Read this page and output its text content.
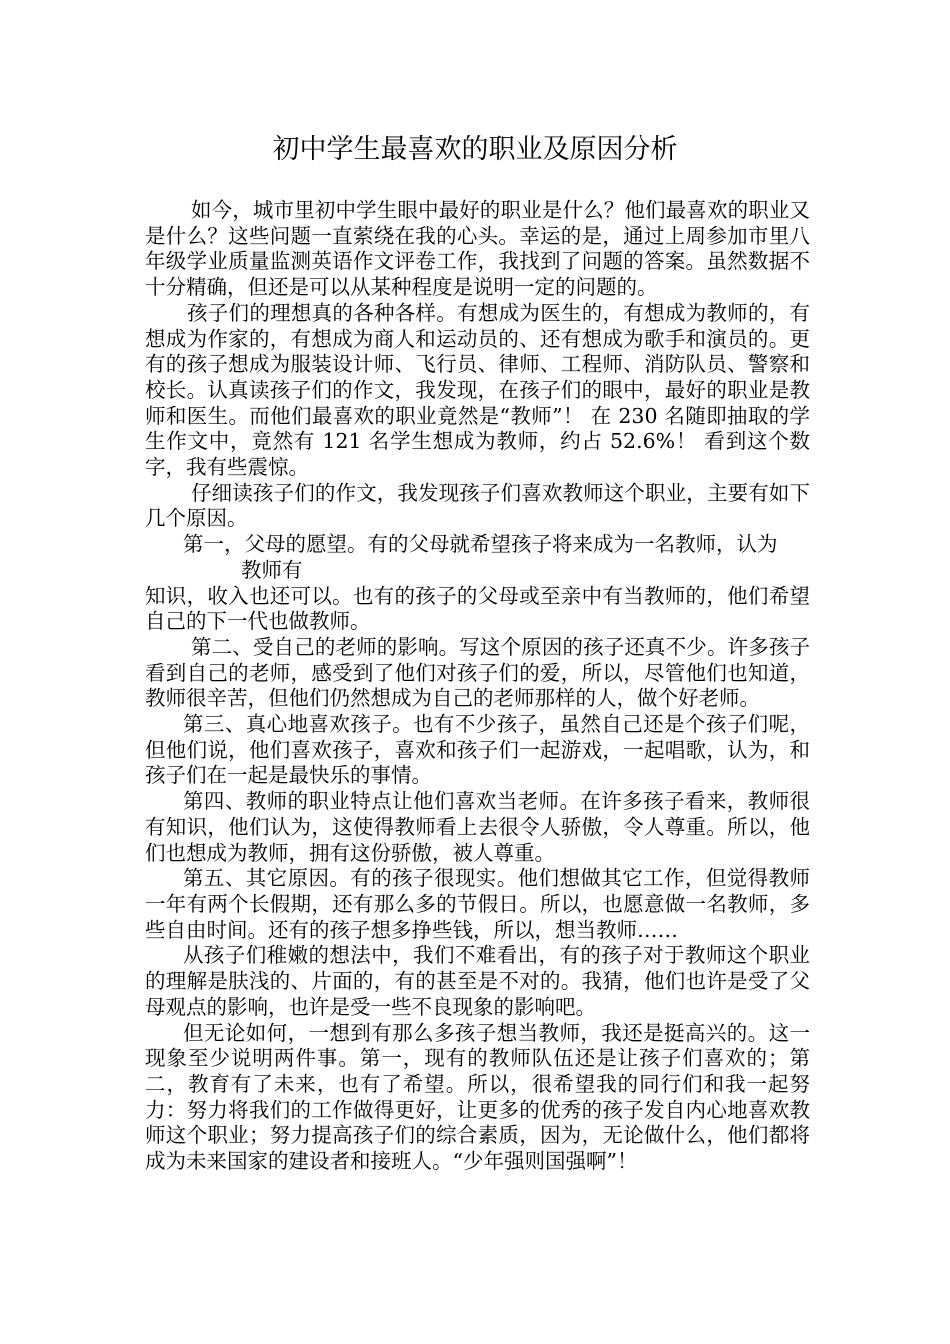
初中学生最喜欢的职业及原因分析

如今，城市里初中学生眼中最好的职业是什么？他们最喜欢的职业又是什么？这些问题一直萦绕在我的心头。幸运的是，通过上周参加市里八年级学业质量监测英语作文评卷工作，我找到了问题的答案。虽然数据不十分精确，但还是可以从某种程度是说明一定的问题的。

孩子们的理想真的各种各样。有想成为医生的，有想成为教师的，有想成为作家的，有想成为商人和运动员的、还有想成为歌手和演员的。更有的孩子想成为服装设计师、飞行员、律师、工程师、消防队员、警察和校长。认真读孩子们的作文，我发现，在孩子们的眼中，最好的职业是教师和医生。而他们最喜欢的职业竟然是“教师”！ 在 230 名随即抽取的学生作文中，竟然有 121 名学生想成为教师，约占 52.6%！ 看到这个数字，我有些震惊。

仔细读孩子们的作文，我发现孩子们喜欢教师这个职业，主要有如下几个原因。

第一，父母的愿望。有的父母就希望孩子将来成为一名教师，认为

教师有

知识，收入也还可以。也有的孩子的父母或至亲中有当教师的，他们希望自己的下一代也做教师。

第二、受自己的老师的影响。写这个原因的孩子还真不少。许多孩子看到自己的老师，感受到了他们对孩子们的爱，所以，尽管他们也知道，教师很辛苦，但他们仍然想成为自己的老师那样的人，做个好老师。

第三、真心地喜欢孩子。也有不少孩子，虽然自己还是个孩子们呢，但他们说，他们喜欢孩子，喜欢和孩子们一起游戏，一起唱歌，认为，和孩子们在一起是最快乐的事情。

第四、教师的职业特点让他们喜欢当老师。在许多孩子看来，教师很有知识，他们认为，这使得教师看上去很令人骄傲，令人尊重。所以，他们也想成为教师，拥有这份骄傲，被人尊重。

第五、其它原因。有的孩子很现实。他们想做其它工作，但觉得教师一年有两个长假期，还有那么多的节假日。所以，也愿意做一名教师，多些自由时间。还有的孩子想多挣些钱，所以，想当教师……

从孩子们稚嫩的想法中，我们不难看出，有的孩子对于教师这个职业的理解是肤浅的、片面的，有的甚至是不对的。我猜，他们也许是受了父母观点的影响，也许是受一些不良现象的影响吧。

但无论如何，一想到有那么多孩子想当教师，我还是挺高兴的。这一现象至少说明两件事。第一，现有的教师队伍还是让孩子们喜欢的；第二，教育有了未来，也有了希望。所以，很希望我的同行们和我一起努力：努力将我们的工作做得更好，让更多的优秀的孩子发自内心地喜欢教师这个职业；努力提高孩子们的综合素质，因为，无论做什么，他们都将成为未来国家的建设者和接班人。“少年强则国强啊”！
